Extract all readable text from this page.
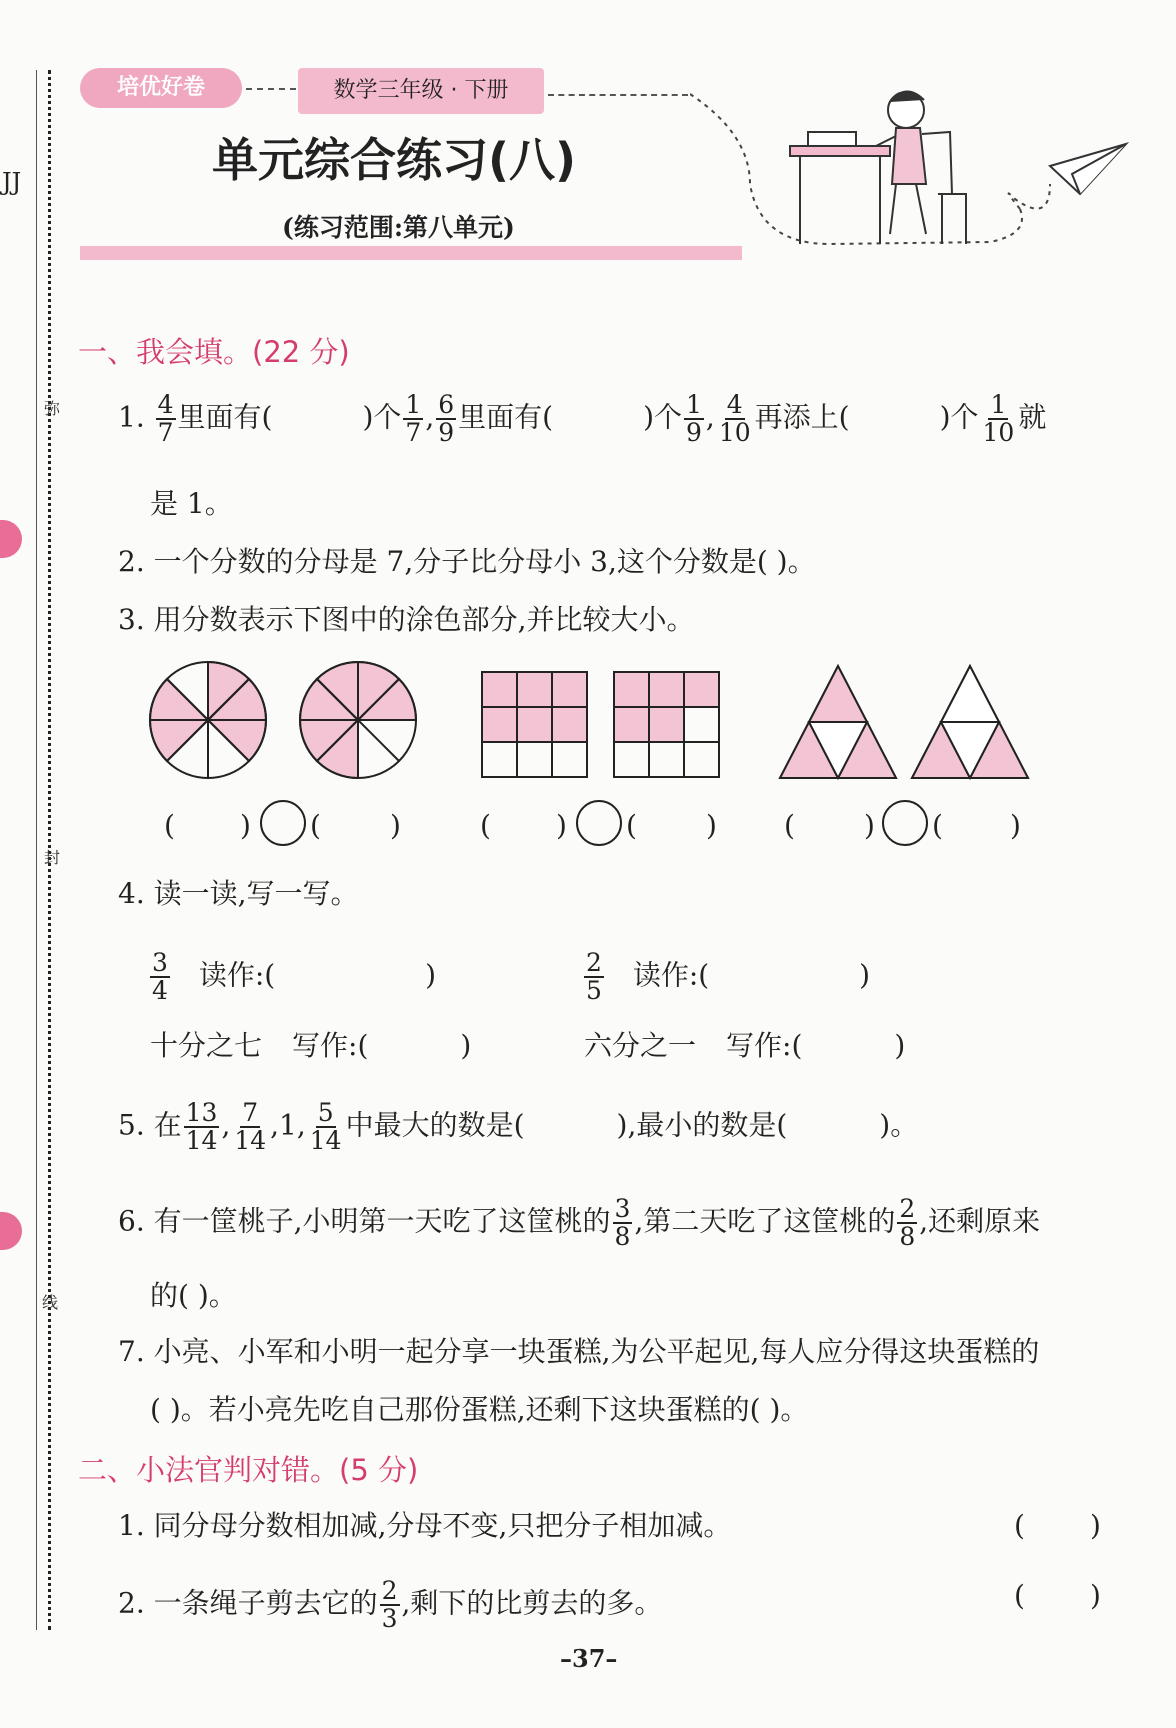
弥
封
线
JJ
培优好卷	数学三年级 · 下册
单元综合练习(八)
(练习范围:第八单元)
一、我会填。(22 分)
1. $\frac{4}{7}$ 里面有(	)个 $\frac{1}{7}$ , $\frac{6}{9}$ 里面有(	)个 $\frac{1}{9}$ , $\frac{4}{10}$ 再添上(	)个 $\frac{1}{10}$ 就
是 1。
2. 一个分数的分母是 7,分子比分母小 3,这个分数是( )。
3. 用分数表示下图中的涂色部分,并比较大小。
( ) ( )	( ) ( ) ( ) ( )
4. 读一读,写一写。
$\frac{3}{4}$ 读作:(	)	$\frac{2}{5}$ 读作:(	)
十分之七 写作:(	)	六分之一 写作:(	)
5. 在 $\frac{13}{14}$ , $\frac{7}{14} ,1$, $\frac{5}{14}$ 中最大的数是(	),最小的数是(	)。
6. 有一筐桃子,小明第一天吃了这筐桃的 $\frac{3}{8}$ ,第二天吃了这筐桃的 $\frac{2}{8}$ ,还剩原来
的( )。
7. 小亮、小军和小明一起分享一块蛋糕,为公平起见,每人应分得这块蛋糕的
( )。若小亮先吃自己那份蛋糕,还剩下这块蛋糕的( )。
二、小法官判对错。(5 分)
1. 同分母分数相加减,分母不变,只把分子相加减。	( )
2. 一条绳子剪去它的 $\frac{2}{3}$ ,剩下的比剪去的多。	( )
–37–
